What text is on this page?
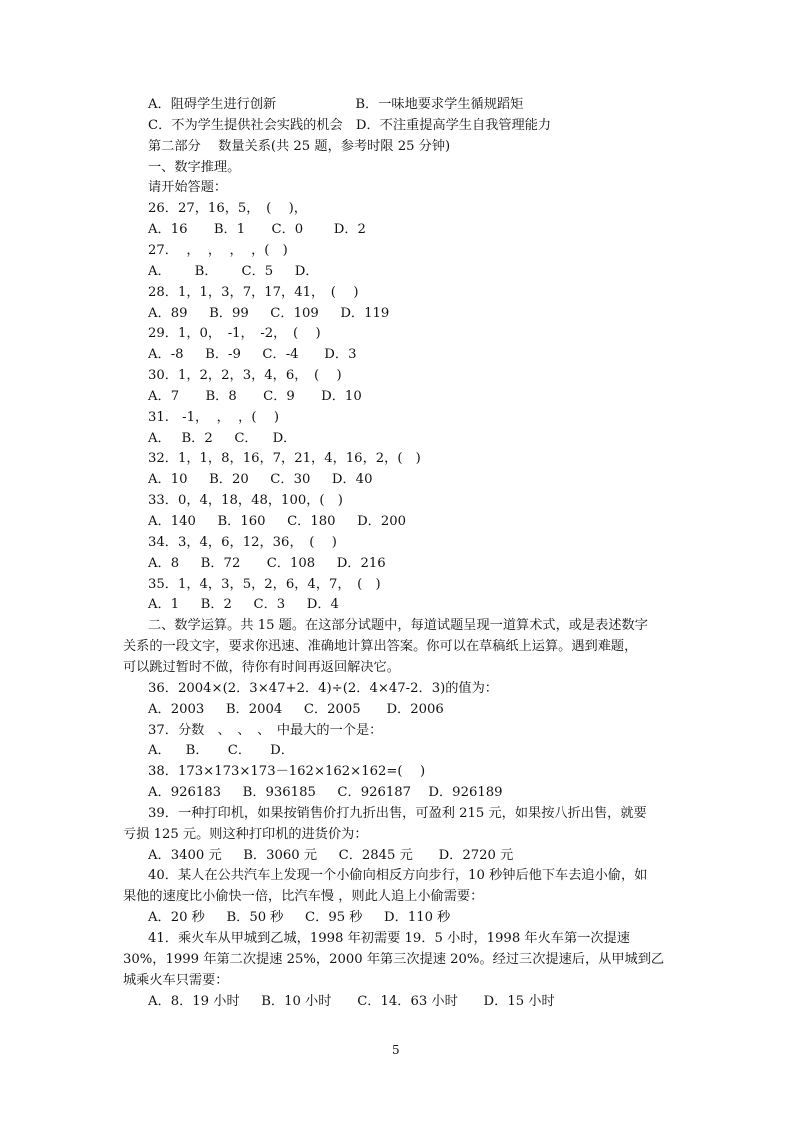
A．阻碍学生进行创新　　　　　　B．一味地要求学生循规蹈矩
C．不为学生提供社会实践的机会　D．不注重提高学生自我管理能力
第二部分　 数量关系(共 25 题，参考时限 25 分钟)
一、数字推理。
请开始答题：
26．27，16，5，　(　 )，
A．16　　B．1　　C．0　　 D．2
27．  ，  ，  ，  ，(　)
A．　　 B．　　 C．5　  D．
28．1，1，3，7，17，41，　(　 )
A．89　  B．99　  C．109　  D．119
29．1，0，　-1，　-2，　(　 )
A．-8　  B．-9　  C．-4　   D．3
30．1，2，2，3，4，6，　(　 )
A．7　　B．8　　C．9　　D．10
31.　-1，  ，  ，(　 )
A．　 B．2　  C．　  D．
32．1，1，8，16，7，21，4，16，2，(　)
A．10　  B．20　  C．30　  D．40
33．0，4，18，48，100，(　)
A．140　  B．160　  C．180　  D．200
34．3，4，6，12，36，　(　 )
A．8　  B．72　　C．108　  D．216
35．1，4，3，5，2，6，4，7，　(　)
A．1　  B．2　  C．3　  D．4
二、数学运算。共 15 题。在这部分试题中，每道试题呈现一道算术式，或是表述数字
关系的一段文字，要求你迅速、准确地计算出答案。你可以在草稿纸上运算。遇到难题，
可以跳过暂时不做，待你有时间再返回解决它。
36．2004×(2．3×47+2．4)÷(2．4×47-2．3)的值为：
A．2003　  B．2004　  C．2005　   D．2006
37．分数　、　、　、　中最大的一个是：
A．　  B．　   C．　   D．
38．173×173×173－162×162×162=(　 )
A．926183　  B．936185　  C．926187　 D．926189
39．一种打印机，如果按销售价打九折出售，可盈利 215 元，如果按八折出售，就要
亏损 125 元。则这种打印机的进货价为：
A．3400 元　  B．3060 元　  C．2845 元　   D．2720 元
40．某人在公共汽车上发现一个小偷向相反方向步行，10 秒钟后他下车去追小偷，如
果他的速度比小偷快一倍，比汽车慢 ，则此人追上小偷需要：
A．20 秒　  B．50 秒　  C．95 秒　  D．110 秒
41．乘火车从甲城到乙城，1998 年初需要 19．5 小时，1998 年火车第一次提速
30%，1999 年第二次提速 25%，2000 年第三次提速 20%。经过三次提速后，从甲城到乙
城乘火车只需要：
A．8．19 小时　  B．10 小时　   C．14．63 小时　   D．15 小时
5
